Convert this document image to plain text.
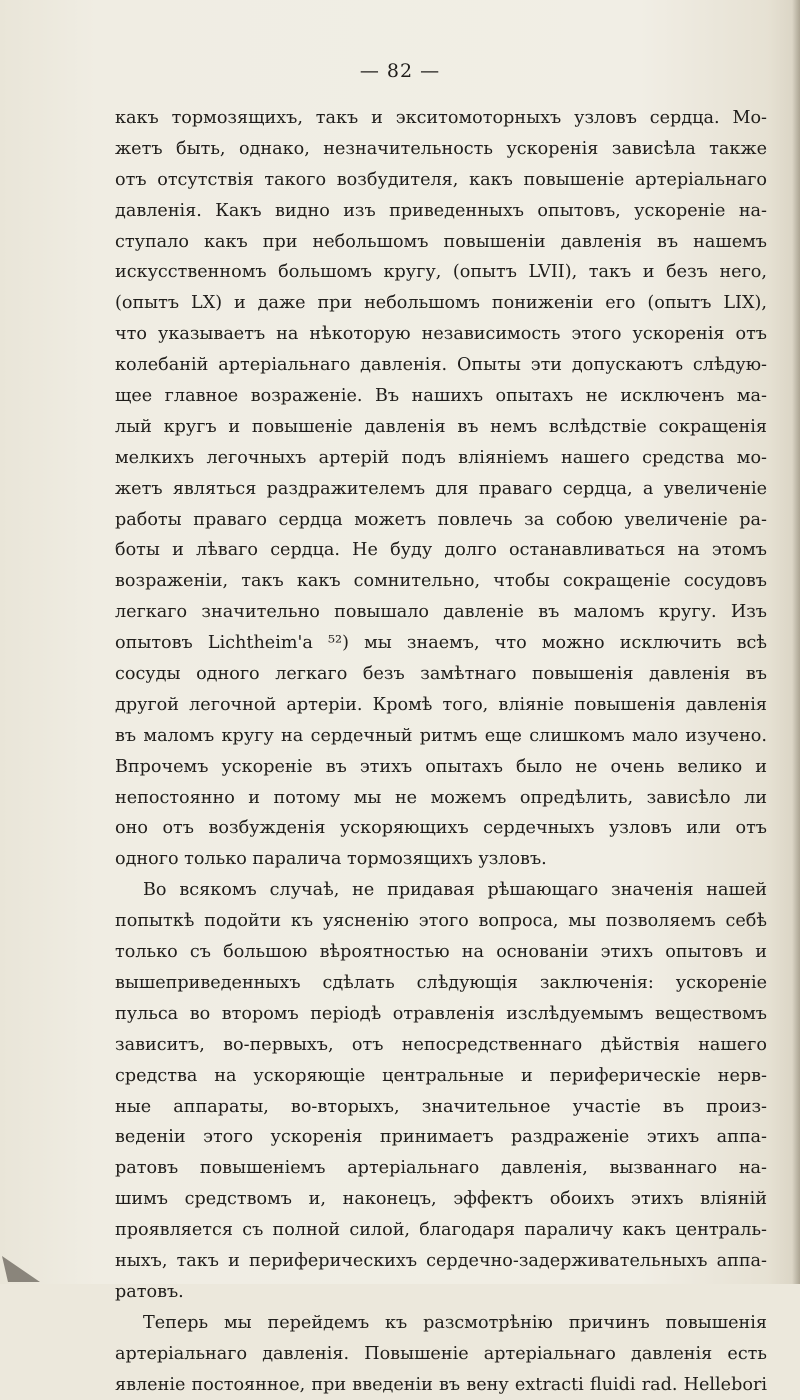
— 82 —
какъ тормозящихъ, такъ и экситомоторныхъ узловъ сердца. Мо-
жетъ быть, однако, незначительность ускоренія зависѣла также
отъ отсутствія такого возбудителя, какъ повышеніе артеріальнаго
давленія. Какъ видно изъ приведенныхъ опытовъ, ускореніе на-
ступало какъ при небольшомъ повышеніи давленія въ нашемъ
искусственномъ большомъ кругу, (опытъ LVII), такъ и безъ него,
(опытъ LX) и даже при небольшомъ пониженіи его (опытъ LIX),
что указываетъ на нѣкоторую независимость этого ускоренія отъ
колебаній артеріальнаго давленія. Опыты эти допускаютъ слѣдую-
щее главное возраженіе. Въ нашихъ опытахъ не исключенъ ма-
лый кругъ и повышеніе давленія въ немъ вслѣдствіе сокращенія
мелкихъ легочныхъ артерій подъ вліяніемъ нашего средства мо-
жетъ являться раздражителемъ для праваго сердца, а увеличеніе
работы праваго сердца можетъ повлечь за собою увеличеніе ра-
боты и лѣваго сердца. Не буду долго останавливаться на этомъ
возраженіи, такъ какъ сомнительно, чтобы сокращеніе сосудовъ
легкаго значительно повышало давленіе въ маломъ кругу. Изъ
опытовъ Lichtheim'a ⁵²) мы знаемъ, что можно исключить всѣ
сосуды одного легкаго безъ замѣтнаго повышенія давленія въ
другой легочной артеріи. Кромѣ того, вліяніе повышенія давленія
въ маломъ кругу на сердечный ритмъ еще слишкомъ мало изучено.
Впрочемъ ускореніе въ этихъ опытахъ было не очень велико и
непостоянно и потому мы не можемъ опредѣлить, зависѣло ли
оно отъ возбужденія ускоряющихъ сердечныхъ узловъ или отъ
одного только паралича тормозящихъ узловъ.
Во всякомъ случаѣ, не придавая рѣшающаго значенія нашей
попыткѣ подойти къ уясненію этого вопроса, мы позволяемъ себѣ
только съ большою вѣроятностью на основаніи этихъ опытовъ и
вышеприведенныхъ сдѣлать слѣдующія заключенія: ускореніе
пульса во второмъ періодѣ отравленія изслѣдуемымъ веществомъ
зависитъ, во-первыхъ, отъ непосредственнаго дѣйствія нашего
средства на ускоряющіе центральные и периферическіе нерв-
ные аппараты, во-вторыхъ, значительное участіе въ произ-
веденіи этого ускоренія принимаетъ раздраженіе этихъ аппа-
ратовъ повышеніемъ артеріальнаго давленія, вызваннаго на-
шимъ средствомъ и, наконецъ, эффектъ обоихъ этихъ вліяній
проявляется съ полной силой, благодаря параличу какъ централь-
ныхъ, такъ и периферическихъ сердечно-задерживательныхъ аппа-
ратовъ.
Теперь мы перейдемъ къ разсмотрѣнію причинъ повышенія
артеріальнаго давленія. Повышеніе артеріальнаго давленія есть
явленіе постоянное, при введеніи въ вену extracti fluidi rad. Hellebori
